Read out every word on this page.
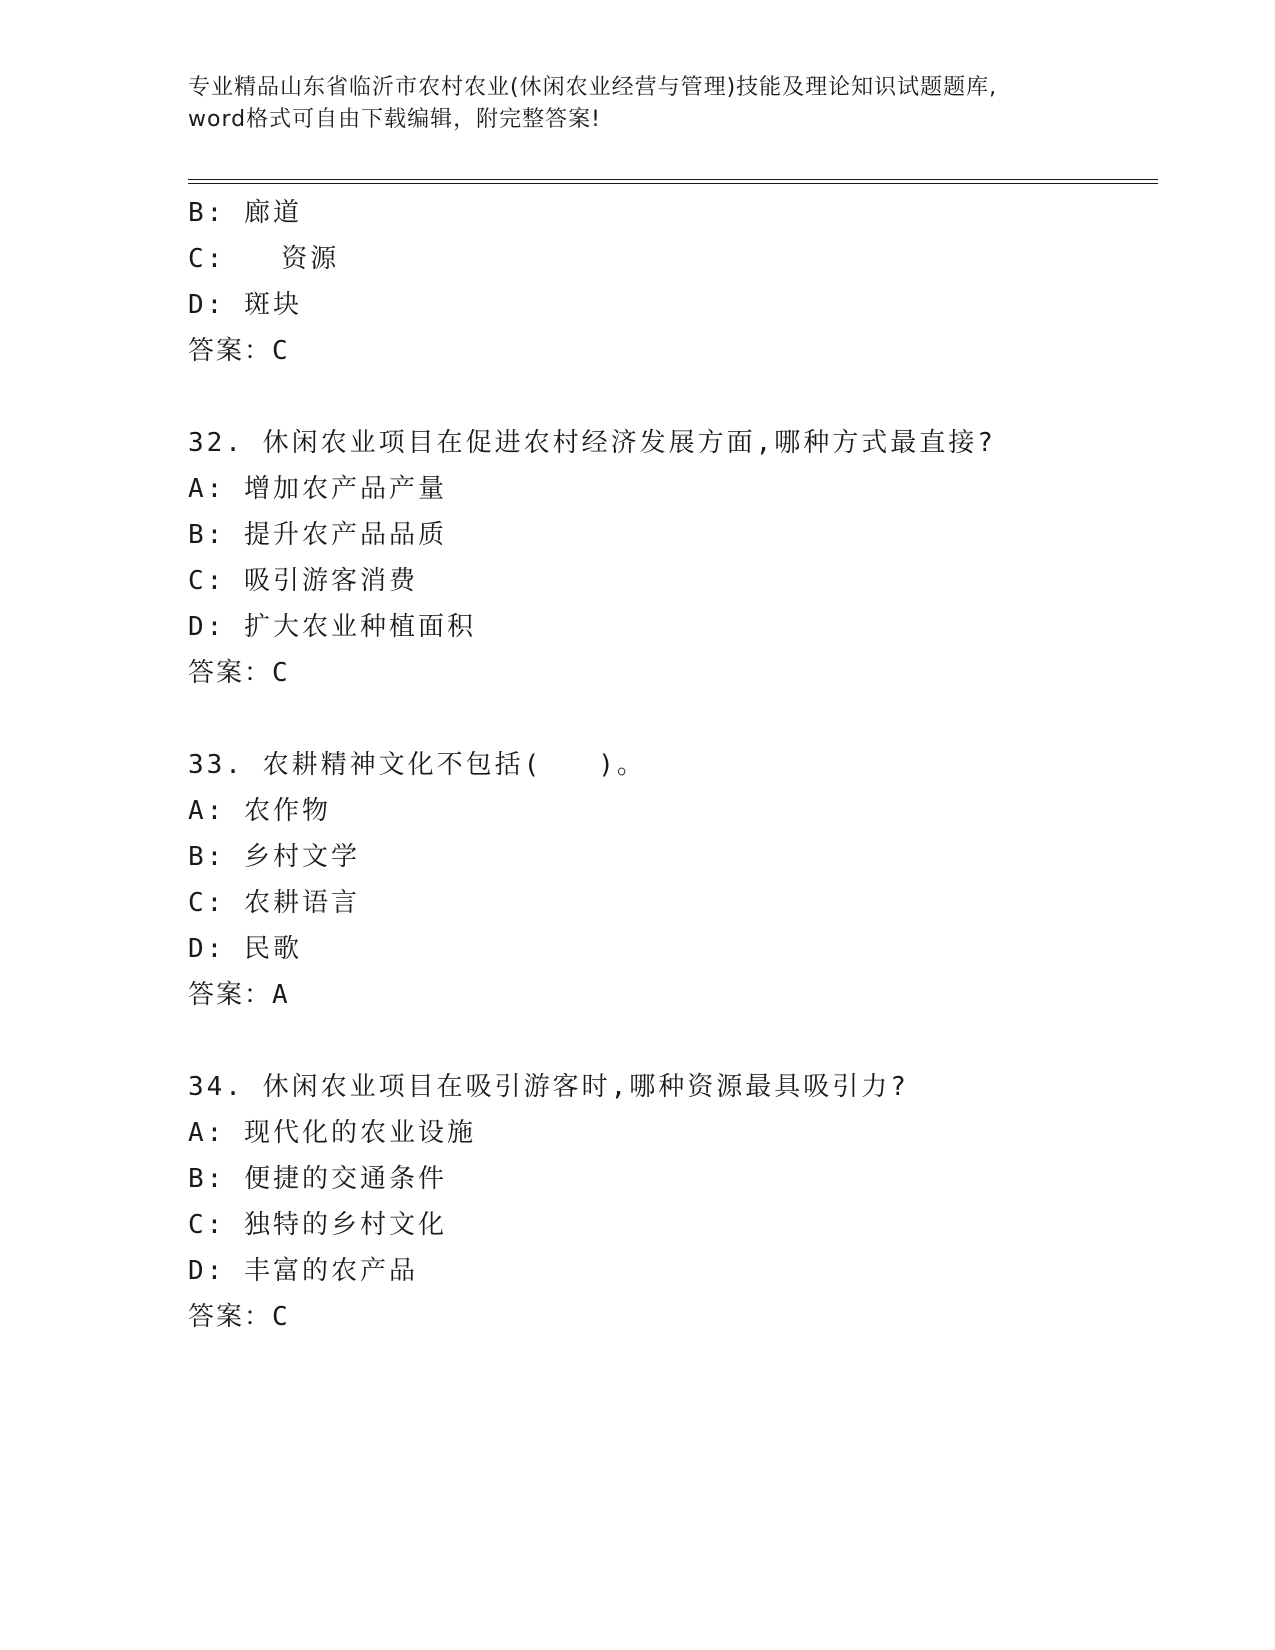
专业精品山东省临沂市农村农业(休闲农业经营与管理)技能及理论知识试题题库,
word格式可自由下载编辑，附完整答案!
B: 廊道
C:   资源
D: 斑块
答案：C
32. 休闲农业项目在促进农村经济发展方面,哪种方式最直接?
A: 增加农产品产量
B: 提升农产品品质
C: 吸引游客消费
D: 扩大农业种植面积
答案：C
33. 农耕精神文化不包括(   )。
A: 农作物
B: 乡村文学
C: 农耕语言
D: 民歌
答案：A
34. 休闲农业项目在吸引游客时,哪种资源最具吸引力?
A: 现代化的农业设施
B: 便捷的交通条件
C: 独特的乡村文化
D: 丰富的农产品
答案：C
